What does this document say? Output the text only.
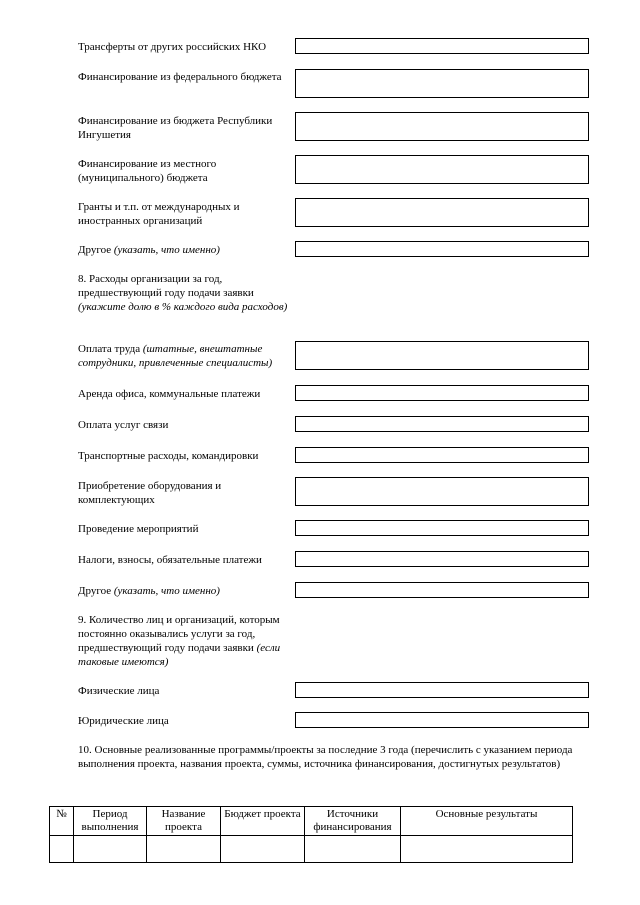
Трансферты от других российских НКО
Финансирование из федерального бюджета
Финансирование из бюджета Республики Ингушетия
Финансирование из местного (муниципального) бюджета
Гранты и т.п. от международных и иностранных организаций
Другое (указать, что именно)
8. Расходы организации за год, предшествующий году подачи заявки (укажите долю в % каждого вида расходов)
Оплата труда (штатные, внештатные сотрудники, привлеченные специалисты)
Аренда офиса, коммунальные платежи
Оплата услуг связи
Транспортные расходы, командировки
Приобретение оборудования и комплектующих
Проведение мероприятий
Налоги, взносы, обязательные платежи
Другое (указать, что именно)
9. Количество лиц и организаций, которым постоянно оказывались услуги за год, предшествующий году подачи заявки (если таковые имеются)
Физические лица
Юридические лица
10. Основные реализованные программы/проекты за последние 3 года (перечислить с указанием периода выполнения проекта, названия проекта, суммы, источника финансирования, достигнутых результатов)
№	Период выполнения	Название проекта	Бюджет проекта	Источники финансирования	Основные результаты
